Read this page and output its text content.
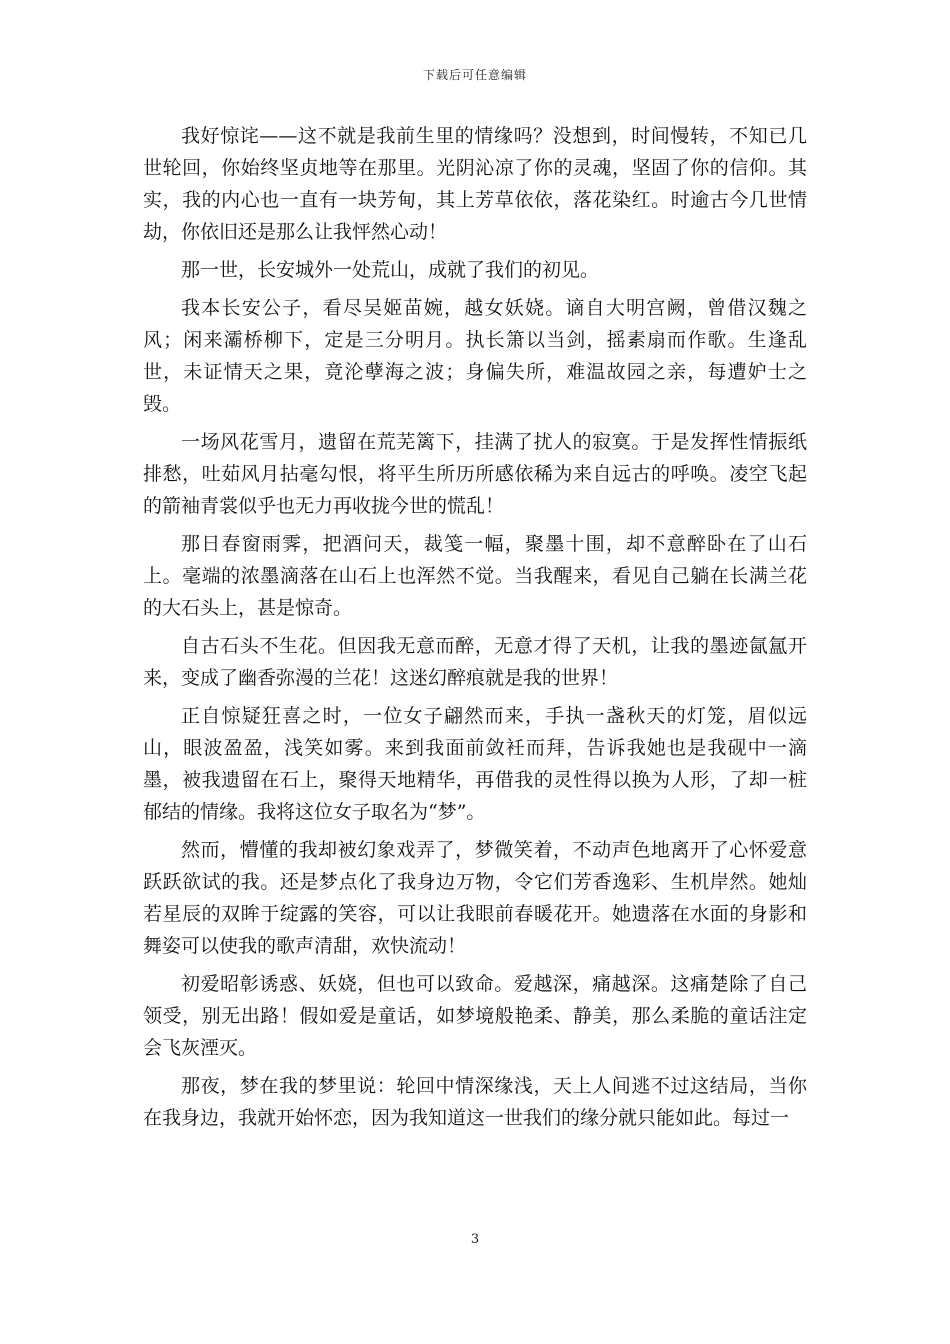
下载后可任意编辑

我好惊诧——这不就是我前生里的情缘吗？没想到，时间慢转，不知已几世轮回，你始终坚贞地等在那里。光阴沁凉了你的灵魂，坚固了你的信仰。其实，我的内心也一直有一块芳甸，其上芳草依依，落花染红。时逾古今几世情劫，你依旧还是那么让我怦然心动！

那一世，长安城外一处荒山，成就了我们的初见。

我本长安公子，看尽吴姬苗婉，越女妖娆。谪自大明宫阙，曾借汉魏之风；闲来灞桥柳下，定是三分明月。执长箫以当剑，摇素扇而作歌。生逢乱世，未证情天之果，竟沦孽海之波；身偏失所，难温故园之亲，每遭妒士之毁。

一场风花雪月，遗留在荒芜篱下，挂满了扰人的寂寞。于是发挥性情振纸排愁，吐茹风月拈毫勾恨，将平生所历所感依稀为来自远古的呼唤。凌空飞起的箭袖青裳似乎也无力再收拢今世的慌乱！

那日春窗雨霁，把酒问天，裁笺一幅，聚墨十围，却不意醉卧在了山石上。毫端的浓墨滴落在山石上也浑然不觉。当我醒来，看见自己躺在长满兰花的大石头上，甚是惊奇。

自古石头不生花。但因我无意而醉，无意才得了天机，让我的墨迹氤氲开来，变成了幽香弥漫的兰花！这迷幻醉痕就是我的世界！

正自惊疑狂喜之时，一位女子翩然而来，手执一盏秋天的灯笼，眉似远山，眼波盈盈，浅笑如雾。来到我面前敛衽而拜，告诉我她也是我砚中一滴墨，被我遗留在石上，聚得天地精华，再借我的灵性得以换为人形，了却一桩郁结的情缘。我将这位女子取名为“梦”。

然而，懵懂的我却被幻象戏弄了，梦微笑着，不动声色地离开了心怀爱意跃跃欲试的我。还是梦点化了我身边万物，令它们芳香逸彩、生机岸然。她灿若星辰的双眸于绽露的笑容，可以让我眼前春暖花开。她遗落在水面的身影和舞姿可以使我的歌声清甜，欢快流动！

初爱昭彰诱惑、妖娆，但也可以致命。爱越深，痛越深。这痛楚除了自己领受，别无出路！假如爱是童话，如梦境般艳柔、静美，那么柔脆的童话注定会飞灰湮灭。

那夜，梦在我的梦里说：轮回中情深缘浅，天上人间逃不过这结局，当你在我身边，我就开始怀恋，因为我知道这一世我们的缘分就只能如此。每过一

3
